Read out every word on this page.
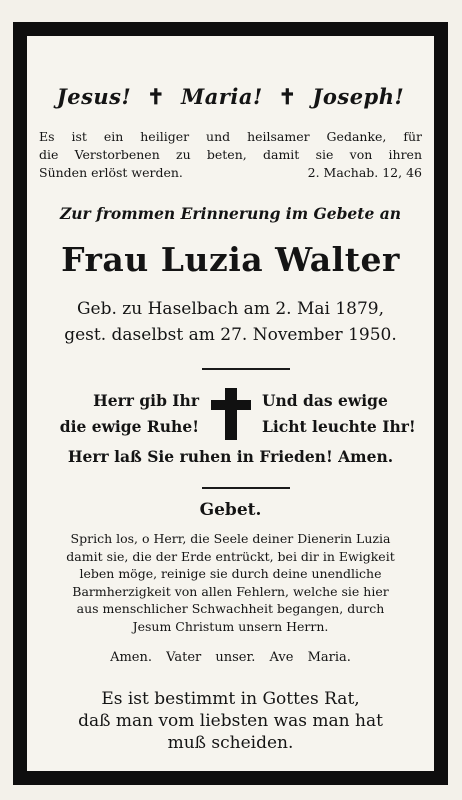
Jesus! ✝ Maria! ✝ Joseph!
Es ist ein heiliger und heilsamer Gedanke, für
die Verstorbenen zu beten, damit sie von ihren
Sünden erlöst werden.	2. Machab. 12, 46
Zur frommen Erinnerung im Gebete an
Frau Luzia Walter
Geb. zu Haselbach am 2. Mai 1879,
gest. daselbst am 27. November 1950.
Herr gib Ihr
die ewige Ruhe!
Und das ewige
Licht leuchte Ihr!
Herr laß Sie ruhen in Frieden! Amen.
Gebet.
Sprich los, o Herr, die Seele deiner Dienerin Luzia
damit sie, die der Erde entrückt, bei dir in Ewigkeit
leben möge, reinige sie durch deine unendliche
Barmherzigkeit von allen Fehlern, welche sie hier
aus menschlicher Schwachheit begangen, durch
Jesum Christum unsern Herrn.
Amen. Vater unser. Ave Maria.
Es ist bestimmt in Gottes Rat,
daß man vom liebsten was man hat
muß scheiden.
